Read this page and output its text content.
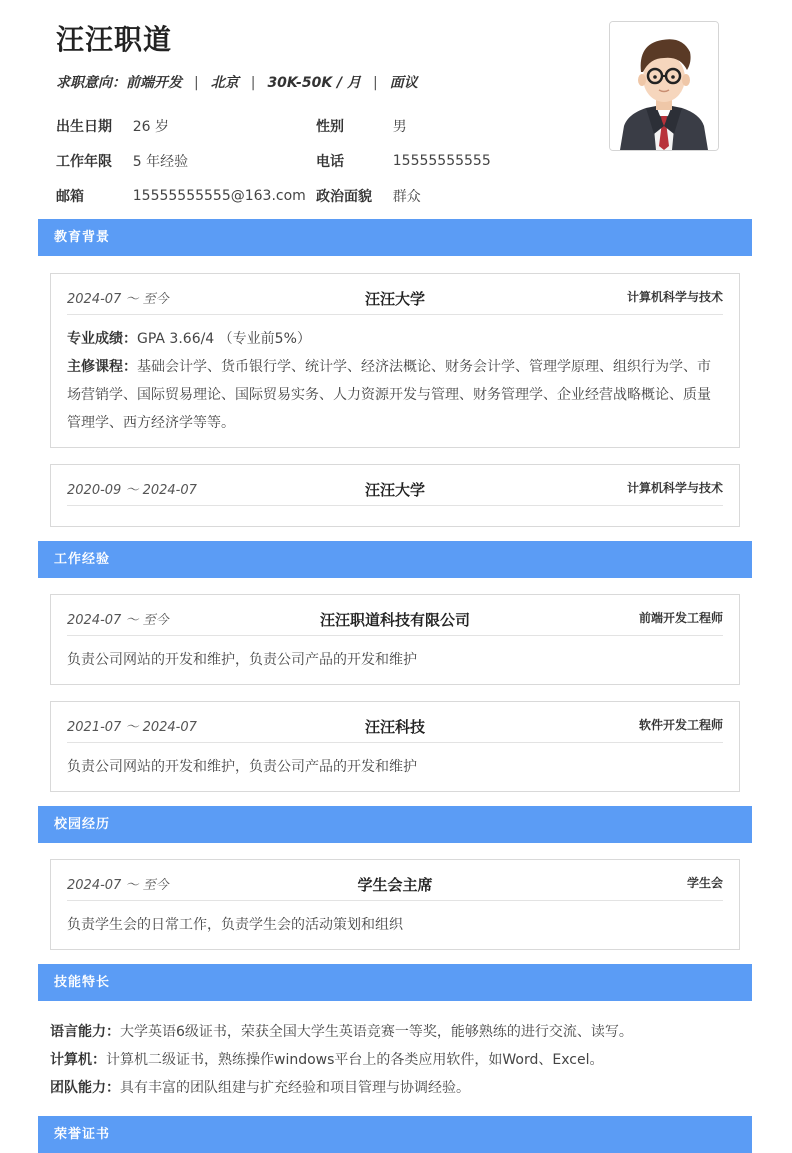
汪汪职道
求职意向：前端开发 | 北京 | 30K-50K / 月 | 面议
出生日期	26 岁	性别	男
工作年限	5 年经验	电话	15555555555
邮箱	15555555555@163.com 政治面貌	群众
教育背景
2024-07 ～ 至今	汪汪大学	计算机科学与技术
专业成绩：GPA 3.66/4 （专业前5%）
主修课程：基础会计学、货币银行学、统计学、经济法概论、财务会计学、管理学原理、组织行为学、市场营销学、国际贸易理论、国际贸易实务、人力资源开发与管理、财务管理学、企业经营战略概论、质量管理学、西方经济学等等。
2020-09 ～ 2024-07	汪汪大学	计算机科学与技术
工作经验
2024-07 ～ 至今	汪汪职道科技有限公司	前端开发工程师
负责公司网站的开发和维护，负责公司产品的开发和维护
2021-07 ～ 2024-07	汪汪科技	软件开发工程师
负责公司网站的开发和维护，负责公司产品的开发和维护
校园经历
2024-07 ～ 至今	学生会主席	学生会
负责学生会的日常工作，负责学生会的活动策划和组织
技能特长
语言能力：大学英语6级证书，荣获全国大学生英语竞赛一等奖，能够熟练的进行交流、读写。
计算机：计算机二级证书，熟练操作windows平台上的各类应用软件，如Word、Excel。
团队能力：具有丰富的团队组建与扩充经验和项目管理与协调经验。
荣誉证书
